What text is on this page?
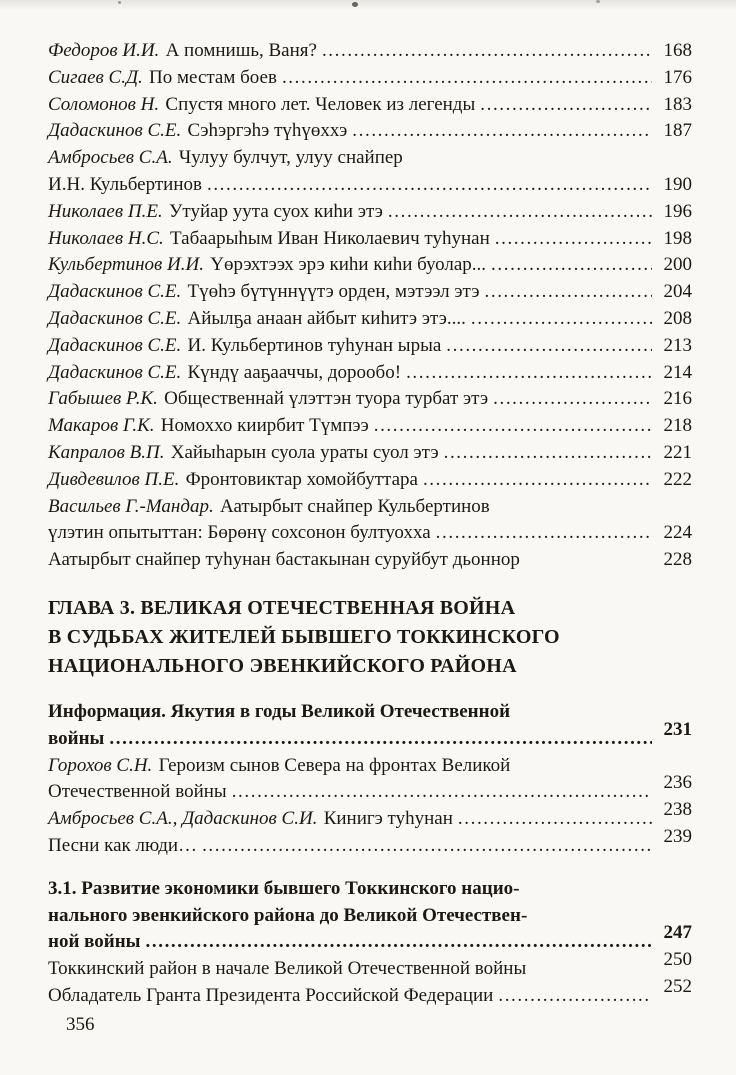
Федоров И.И. А помнишь, Ваня? .....	168
Сигаев С.Д. По местам боев .....	176
Соломонов Н. Спустя много лет. Человек из легенды .....	183
Дадаскинов С.Е. Сэһэргэһэ түһүөххэ .....	187
Амбросьев С.А. Чулуу булчут, улуу снайпер
И.Н. Кульбертинов .....	190
Николаев П.Е. Утуйар уута суох киһи этэ .....	196
Николаев Н.С. Табаарыһым Иван Николаевич туһунан .....	198
Кульбертинов И.И. Үөрэхтээх эрэ киһи киһи буолар... .....	200
Дадаскинов С.Е. Түөһэ бүтүннүүтэ орден, мэтээл этэ .....	204
Дадаскинов С.Е. Айылҕа анаан айбыт киһитэ этэ.... .....	208
Дадаскинов С.Е. И. Кульбертинов туһунан ырыа .....	213
Дадаскинов С.Е. Күндү ааҕааччы, дорообо! .....	214
Габышев Р.К. Общественнай үлэттэн туора турбат этэ .....	216
Макаров Г.К. Номоххо киирбит Түмпээ .....	218
Капралов В.П. Хайыһарын суола ураты суол этэ .....	221
Дивдевилов П.Е. Фронтовиктар хомойбуттара .....	222
Васильев Г.-Мандар. Аатырбыт снайпер Кульбертинов
үлэтин опытыттан: Бөрөнү сохсонон бултуохха .....	224
Аатырбыт снайпер туһунан бастакынан суруйбут дьоннор	228
ГЛАВА 3. ВЕЛИКАЯ ОТЕЧЕСТВЕННАЯ ВОЙНА
В СУДЬБАХ ЖИТЕЛЕЙ БЫВШЕГО ТОККИНСКОГО
НАЦИОНАЛЬНОГО ЭВЕНКИЙСКОГО РАЙОНА
Информация. Якутия в годы Великой Отечественной
войны .....	231
Горохов С.Н. Героизм сынов Севера на фронтах Великой
Отечественной войны .....	236
Амбросьев С.А., Дадаскинов С.И. Кинигэ туһунан .....	238
Песни как люди… .....	239
3.1. Развитие экономики бывшего Токкинского нацио-
нального эвенкийского района до Великой Отечествен-
ной войны .....	247
Токкинский район в начале Великой Отечественной войны	250
Обладатель Гранта Президента Российской Федерации .....	252
356
